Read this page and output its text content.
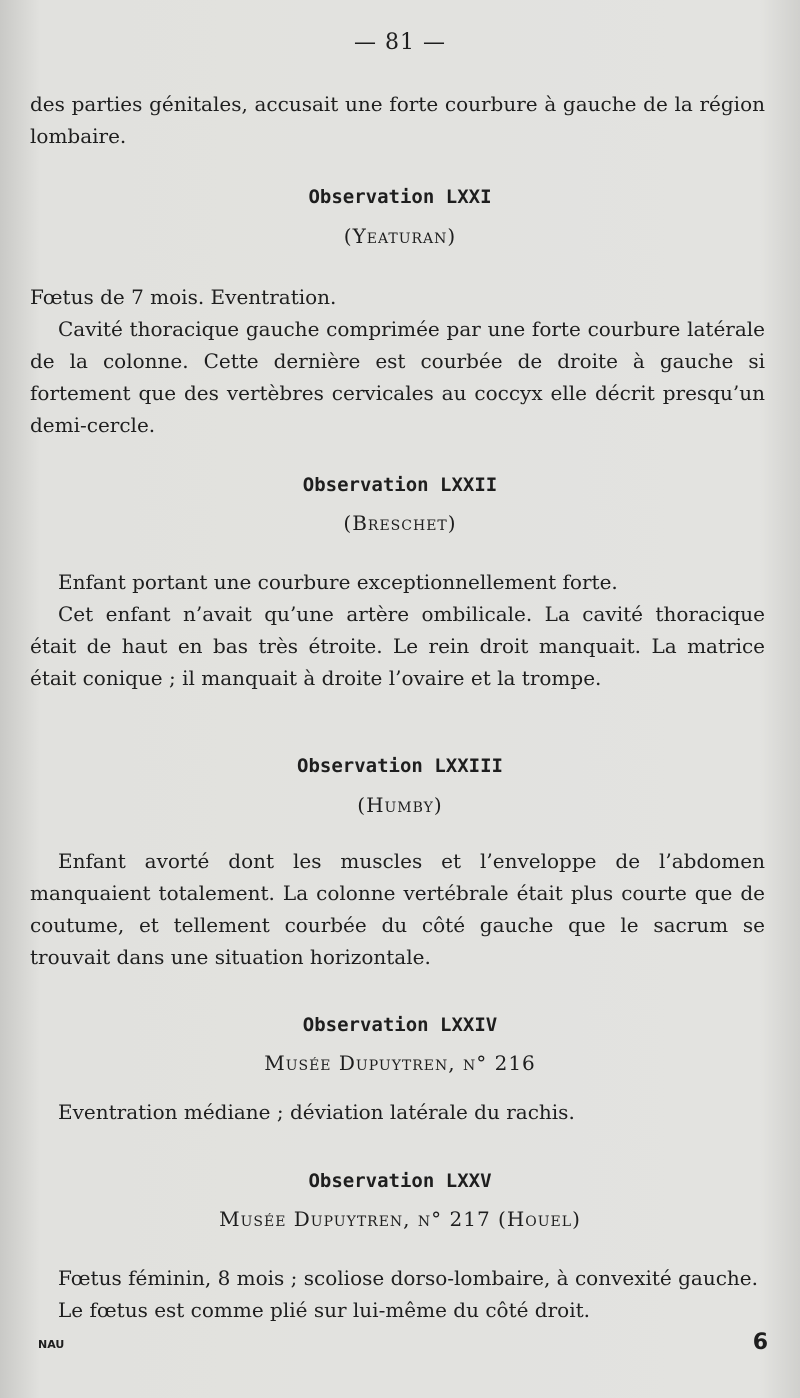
— 81 —

des parties génitales, accusait une forte courbure à gauche de la région lombaire.

Observation LXXI
(Yeaturan)

Fœtus de 7 mois. Eventration.

Cavité thoracique gauche comprimée par une forte courbure latérale de la colonne. Cette dernière est courbée de droite à gauche si fortement que des vertèbres cervicales au coccyx elle décrit presqu’un demi-cercle.

Observation LXXII
(Breschet)

Enfant portant une courbure exceptionnellement forte.

Cet enfant n’avait qu’une artère ombilicale. La cavité thoracique était de haut en bas très étroite. Le rein droit manquait. La matrice était conique ; il manquait à droite l’ovaire et la trompe.

Observation LXXIII
(Humby)

Enfant avorté dont les muscles et l’enveloppe de l’abdomen manquaient totalement. La colonne vertébrale était plus courte que de coutume, et tellement courbée du côté gauche que le sacrum se trouvait dans une situation horizontale.

Observation LXXIV
Musée Dupuytren, n° 216

Eventration médiane ; déviation latérale du rachis.

Observation LXXV
Musée Dupuytren, n° 217 (Houel)

Fœtus féminin, 8 mois ; scoliose dorso-lombaire, à convexité gauche.

Le fœtus est comme plié sur lui-même du côté droit.

NAU	6
